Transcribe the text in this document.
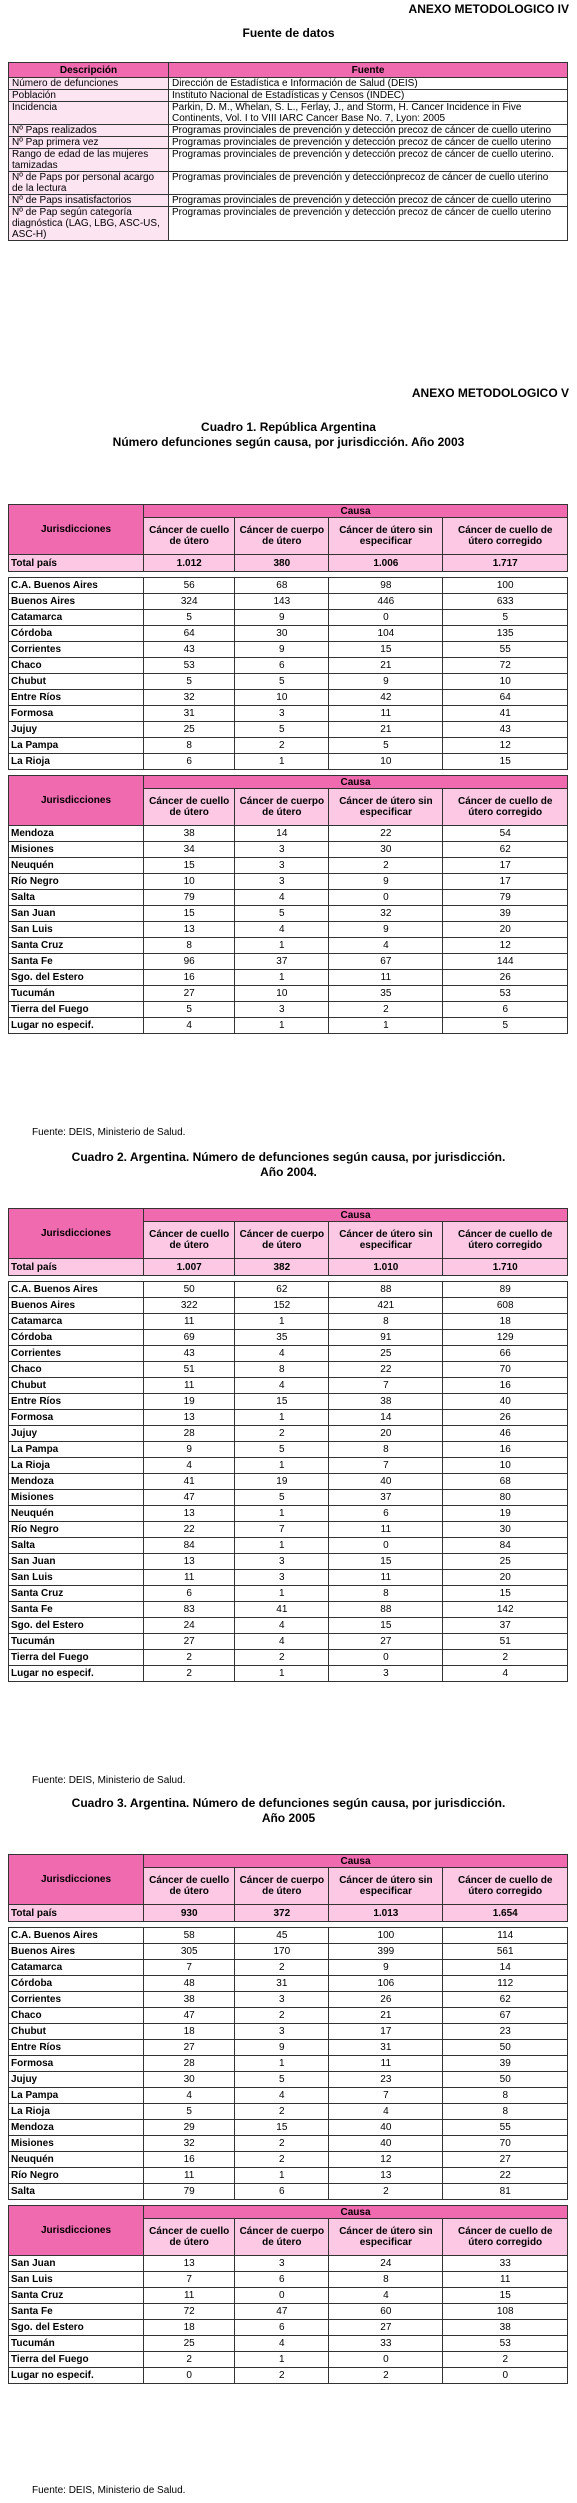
ANEXO METODOLOGICO IV
Fuente de datos
Descripción	Fuente
Número de defunciones	Dirección de Estadística e Información de Salud (DEIS)
Población	Instituto Nacional de Estadísticas y Censos (INDEC)
Incidencia	Parkin, D. M., Whelan, S. L., Ferlay, J., and Storm, H. Cancer Incidence in Five Continents, Vol. I to VIII IARC Cancer Base No. 7, Lyon: 2005
Nº Paps realizados	Programas provinciales de prevención y detección precoz de cáncer de cuello uterino
Nº Pap primera vez	Programas provinciales de prevención y detección precoz de cáncer de cuello uterino
Rango de edad de las mujeres tamizadas	Programas provinciales de prevención y detección precoz de cáncer de cuello uterino.
Nº de Paps por personal acargo de la lectura	Programas provinciales de prevención y detecciónprecoz de cáncer de cuello uterino
Nº de Paps insatisfactorios	Programas provinciales de prevención y detección precoz de cáncer de cuello uterino
Nº de Pap según categoría diagnóstica (LAG, LBG, ASC-US, ASC-H)	Programas provinciales de prevención y detección precoz de cáncer de cuello uterino
ANEXO METODOLOGICO V
Cuadro 1. República Argentina
Número defunciones según causa, por jurisdicción. Año 2003
Jurisdicciones	Causa			
	Cáncer de cuello de útero	Cáncer de cuerpo de útero	Cáncer de útero sin especificar	Cáncer de cuello de útero corregido
Total país	1.012	380	1.006	1.717

C.A. Buenos Aires	56	68	98	100
Buenos Aires	324	143	446	633
Catamarca	5	9	0	5
Córdoba	64	30	104	135
Corrientes	43	9	15	55
Chaco	53	6	21	72
Chubut	5	5	9	10
Entre Ríos	32	10	42	64
Formosa	31	3	11	41
Jujuy	25	5	21	43
La Pampa	8	2	5	12
La Rioja	6	1	10	15

Jurisdicciones	Causa			
	Cáncer de cuello de útero	Cáncer de cuerpo de útero	Cáncer de útero sin especificar	Cáncer de cuello de útero corregido
Mendoza	38	14	22	54
Misiones	34	3	30	62
Neuquén	15	3	2	17
Río Negro	10	3	9	17
Salta	79	4	0	79
San Juan	15	5	32	39
San Luis	13	4	9	20
Santa Cruz	8	1	4	12
Santa Fe	96	37	67	144
Sgo. del Estero	16	1	11	26
Tucumán	27	10	35	53
Tierra del Fuego	5	3	2	6
Lugar no especif.	4	1	1	5
Fuente: DEIS, Ministerio de Salud.
Cuadro 2. Argentina. Número de defunciones según causa, por jurisdicción.
Año 2004.
Jurisdicciones	Causa			
	Cáncer de cuello de útero	Cáncer de cuerpo de útero	Cáncer de útero sin especificar	Cáncer de cuello de útero corregido
Total país	1.007	382	1.010	1.710

C.A. Buenos Aires	50	62	88	89
Buenos Aires	322	152	421	608
Catamarca	11	1	8	18
Córdoba	69	35	91	129
Corrientes	43	4	25	66
Chaco	51	8	22	70
Chubut	11	4	7	16
Entre Ríos	19	15	38	40
Formosa	13	1	14	26
Jujuy	28	2	20	46
La Pampa	9	5	8	16
La Rioja	4	1	7	10
Mendoza	41	19	40	68
Misiones	47	5	37	80
Neuquén	13	1	6	19
Río Negro	22	7	11	30
Salta	84	1	0	84
San Juan	13	3	15	25
San Luis	11	3	11	20
Santa Cruz	6	1	8	15
Santa Fe	83	41	88	142
Sgo. del Estero	24	4	15	37
Tucumán	27	4	27	51
Tierra del Fuego	2	2	0	2
Lugar no especif.	2	1	3	4
Fuente: DEIS, Ministerio de Salud.
Cuadro 3. Argentina. Número de defunciones según causa, por jurisdicción.
Año 2005
Jurisdicciones	Causa			
	Cáncer de cuello de útero	Cáncer de cuerpo de útero	Cáncer de útero sin especificar	Cáncer de cuello de útero corregido
Total país	930	372	1.013	1.654

C.A. Buenos Aires	58	45	100	114
Buenos Aires	305	170	399	561
Catamarca	7	2	9	14
Córdoba	48	31	106	112
Corrientes	38	3	26	62
Chaco	47	2	21	67
Chubut	18	3	17	23
Entre Ríos	27	9	31	50
Formosa	28	1	11	39
Jujuy	30	5	23	50
La Pampa	4	4	7	8
La Rioja	5	2	4	8
Mendoza	29	15	40	55
Misiones	32	2	40	70
Neuquén	16	2	12	27
Río Negro	11	1	13	22
Salta	79	6	2	81

Jurisdicciones	Causa			
	Cáncer de cuello de útero	Cáncer de cuerpo de útero	Cáncer de útero sin especificar	Cáncer de cuello de útero corregido
San Juan	13	3	24	33
San Luis	7	6	8	11
Santa Cruz	11	0	4	15
Santa Fe	72	47	60	108
Sgo. del Estero	18	6	27	38
Tucumán	25	4	33	53
Tierra del Fuego	2	1	0	2
Lugar no especif.	0	2	2	0
Fuente: DEIS, Ministerio de Salud.
